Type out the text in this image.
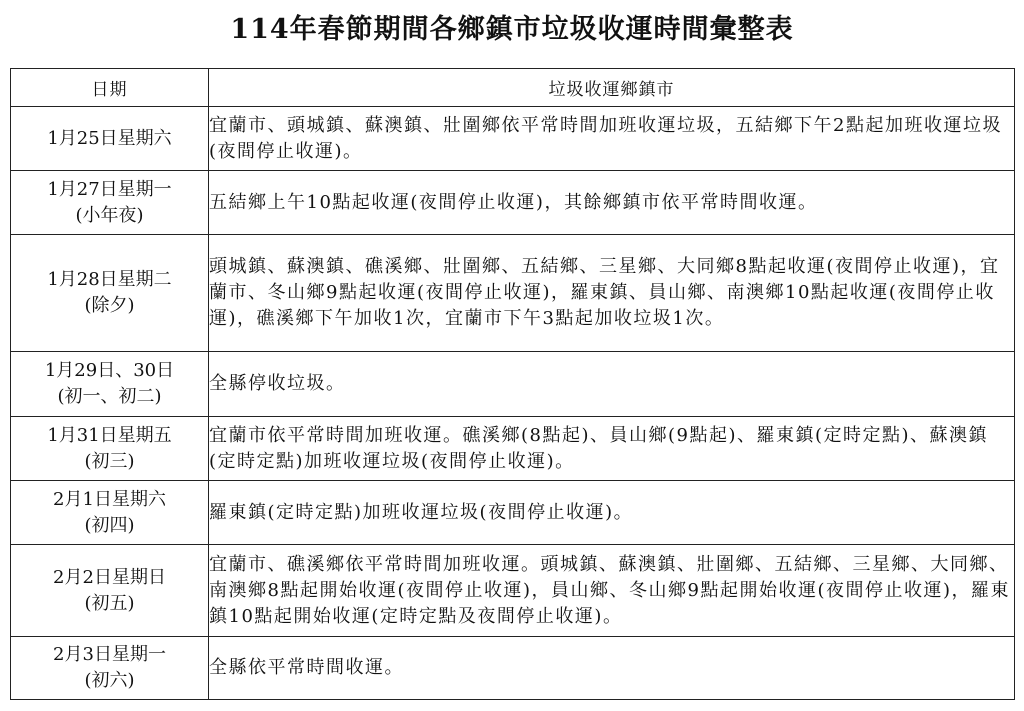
114年春節期間各鄉鎮市垃圾收運時間彙整表
日期	垃圾收運鄉鎮市

1月25日星期六	宜蘭市、頭城鎮、蘇澳鎮、壯圍鄉依平常時間加班收運垃圾，五結鄉下午2點起加班收運垃圾(夜間停止收運)。

1月27日星期一
(小年夜)	五結鄉上午10點起收運(夜間停止收運)，其餘鄉鎮市依平常時間收運。

1月28日星期二
(除夕)	頭城鎮、蘇澳鎮、礁溪鄉、壯圍鄉、五結鄉、三星鄉、大同鄉8點起收運(夜間停止收運)，宜蘭市、冬山鄉9點起收運(夜間停止收運)，羅東鎮、員山鄉、南澳鄉10點起收運(夜間停止收運)，礁溪鄉下午加收1次，宜蘭市下午3點起加收垃圾1次。

1月29日、30日
(初一、初二)	全縣停收垃圾。

1月31日星期五
(初三)	宜蘭市依平常時間加班收運。礁溪鄉(8點起)、員山鄉(9點起)、羅東鎮(定時定點)、蘇澳鎮(定時定點)加班收運垃圾(夜間停止收運)。

2月1日星期六
(初四)	羅東鎮(定時定點)加班收運垃圾(夜間停止收運)。

2月2日星期日
(初五)	宜蘭市、礁溪鄉依平常時間加班收運。頭城鎮、蘇澳鎮、壯圍鄉、五結鄉、三星鄉、大同鄉、南澳鄉8點起開始收運(夜間停止收運)，員山鄉、冬山鄉9點起開始收運(夜間停止收運)，羅東鎮10點起開始收運(定時定點及夜間停止收運)。

2月3日星期一
(初六)	全縣依平常時間收運。
